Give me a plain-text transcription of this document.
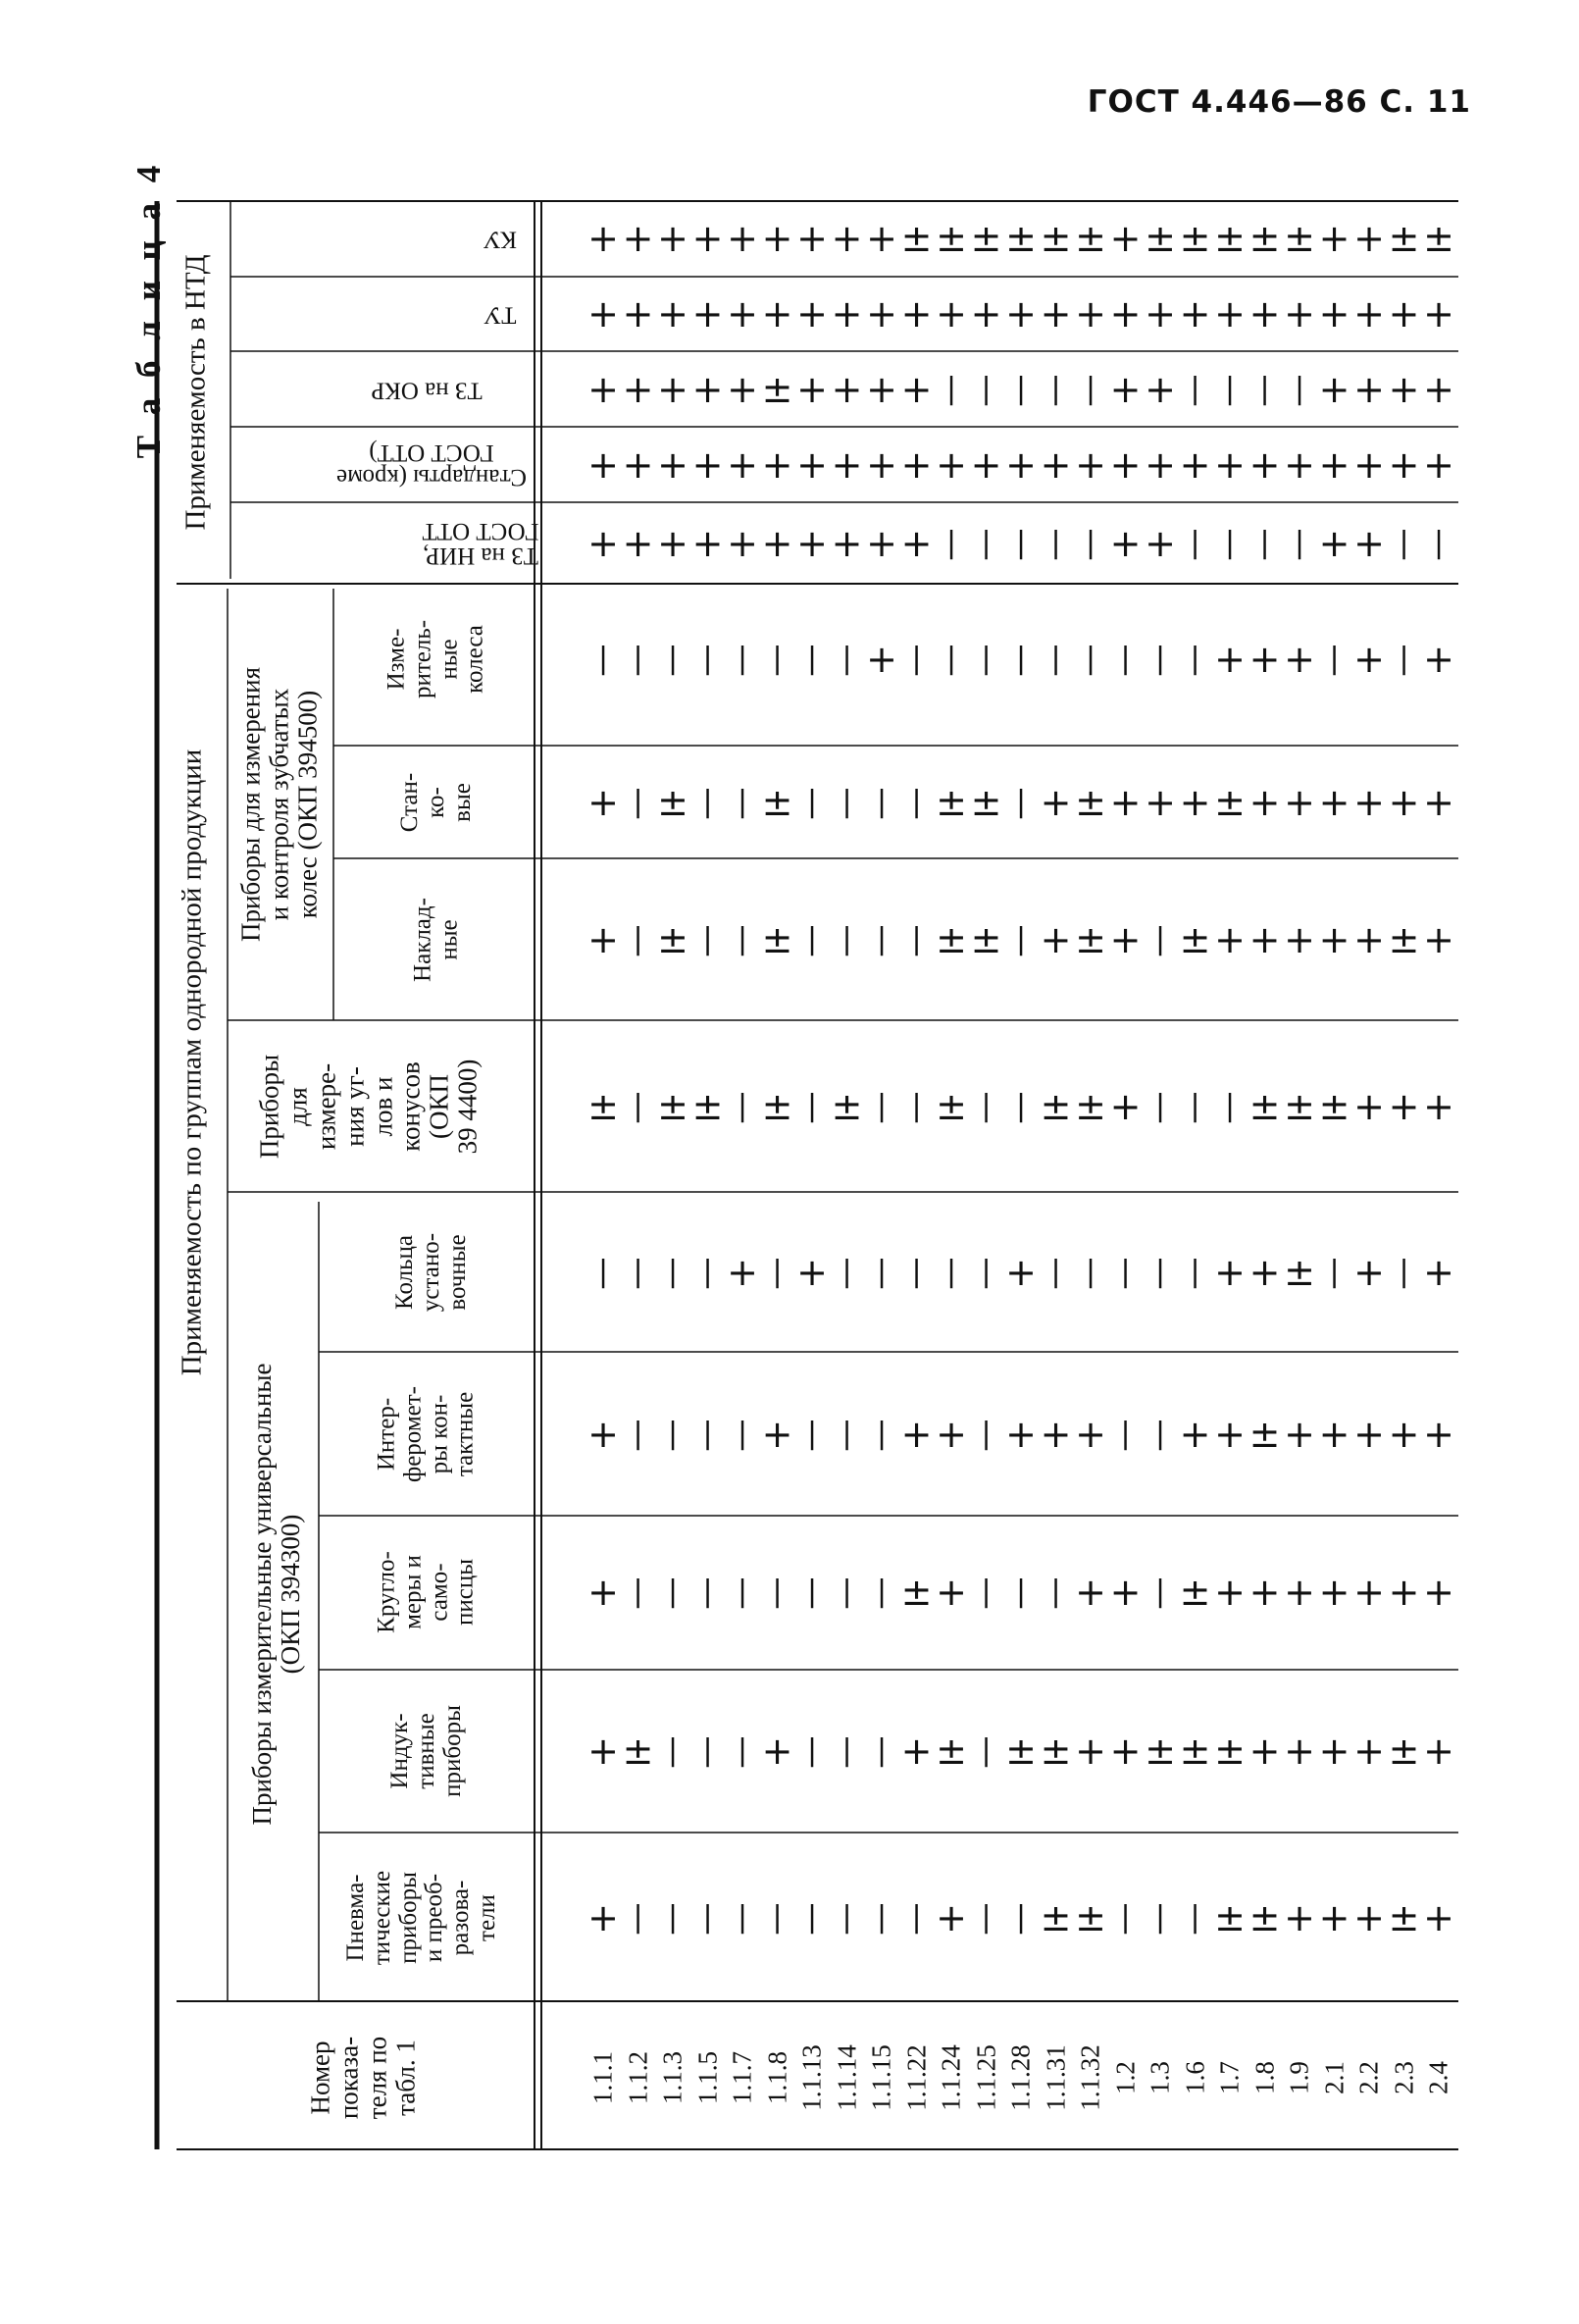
ГОСТ 4.446—86 С. 11
Т а б л и ц а 4
Применяемость по группам однородной продукции
Применяемость в НТД
Приборы измерительные универсальные
(ОКП 394300)
Приборы
для
измере-
ния уг-
лов и
конусов
(ОКП
39 4400)
Приборы для измерения
и контроля зубчатых
колес (ОКП 394500)
Номер
показа-
теля по
табл. 1
Пневма-
тические
приборы
и преоб-
разова-
тели
Индук-
тивные
приборы
Кругло-
меры и
само-
писцы
Интер-
феромет-
ры кон-
тактные
Кольца
устано-
вочные
Наклад-
ные
Стан-
ко-
вые
Изме-
ритель-
ные
колеса
ТЗ на НИР,
ГОСТ ОТТ
Стандарты (кроме
ГОСТ ОТТ)
ТЗ на ОКР
ТУ
КУ
1.1.1 1.1.2 1.1.3 1.1.5 1.1.7 1.1.8 1.1.13 1.1.14 1.1.15 1.1.22 1.1.24 1.1.25 1.1.28 1.1.31 1.1.32 1.2 1.3 1.6 1.7 1.8 1.9 2.1 2.2 2.3 2.4
+ | | | | | | | | | + | | ± ± | | | ± ± + + + ± +
+ ± | | | + | | | + ± | ± ± + + ± ± ± + + + + ± +
+ | | | | | | | | ± + | | | + + | ± + + + + + + +
+ | | | | + | | | + + | + + + | | + + ± + + + + +
| | | | + | + | | | | | + | | | | | + + ± | + | +
± | ± ± | ± | ± | | ± | | ± ± + | | | ± ± ± + + +
+ | ± | | ± | | | | ± ± | + ± + | ± + + + + + ± +
+ | ± | | ± | | | | ± ± | + ± + + + ± + + + + + +
| | | | | | | | + | | | | | | | | | + + + | + | +
+ + + + + + + + + + | | | | | + + | | | | + + | |
+ + + + + + + + + + + + + + + + + + + + + + + + +
+ + + + + ± + + + + | | | | | + + | | | | + + + +
+ + + + + + + + + + + + + + + + + + + + + + + + +
+ + + + + + + + + ± ± ± ± ± ± + ± ± ± ± ± + + ± ±
